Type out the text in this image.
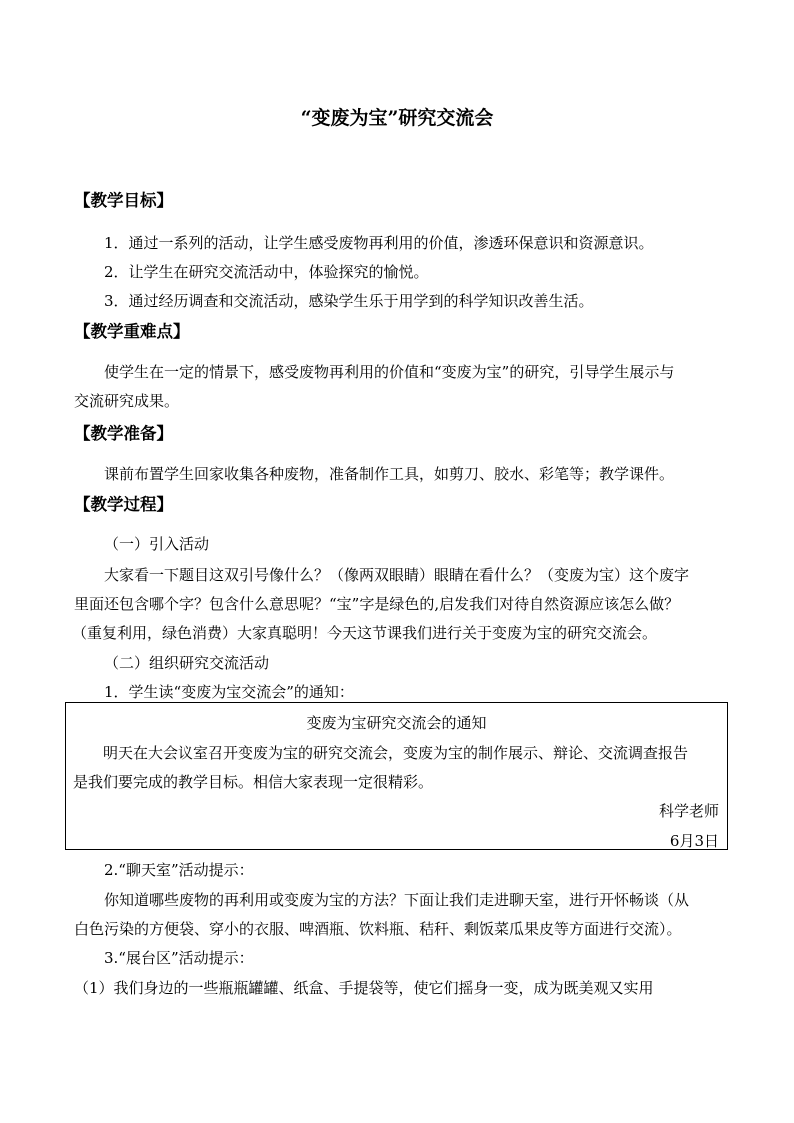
“变废为宝”研究交流会
【教学目标】
1．通过一系列的活动，让学生感受废物再利用的价值，渗透环保意识和资源意识。
2．让学生在研究交流活动中，体验探究的愉悦。
3．通过经历调查和交流活动，感染学生乐于用学到的科学知识改善生活。
【教学重难点】
使学生在一定的情景下，感受废物再利用的价值和“变废为宝”的研究，引导学生展示与
交流研究成果。
【教学准备】
课前布置学生回家收集各种废物，准备制作工具，如剪刀、胶水、彩笔等；教学课件。
【教学过程】
（一）引入活动
大家看一下题目这双引号像什么？（像两双眼睛）眼睛在看什么？（变废为宝）这个废字
里面还包含哪个字？包含什么意思呢？“宝”字是绿色的,启发我们对待自然资源应该怎么做？
（重复利用，绿色消费）大家真聪明！今天这节课我们进行关于变废为宝的研究交流会。
（二）组织研究交流活动
1．学生读“变废为宝交流会”的通知：
变废为宝研究交流会的通知
明天在大会议室召开变废为宝的研究交流会，变废为宝的制作展示、辩论、交流调查报告
是我们要完成的教学目标。相信大家表现一定很精彩。
科学老师
6月3日
2.“聊天室”活动提示：
你知道哪些废物的再利用或变废为宝的方法？下面让我们走进聊天室，进行开怀畅谈（从
白色污染的方便袋、穿小的衣服、啤酒瓶、饮料瓶、秸秆、剩饭菜瓜果皮等方面进行交流）。
3.“展台区”活动提示：
（1）我们身边的一些瓶瓶罐罐、纸盒、手提袋等，使它们摇身一变，成为既美观又实用
